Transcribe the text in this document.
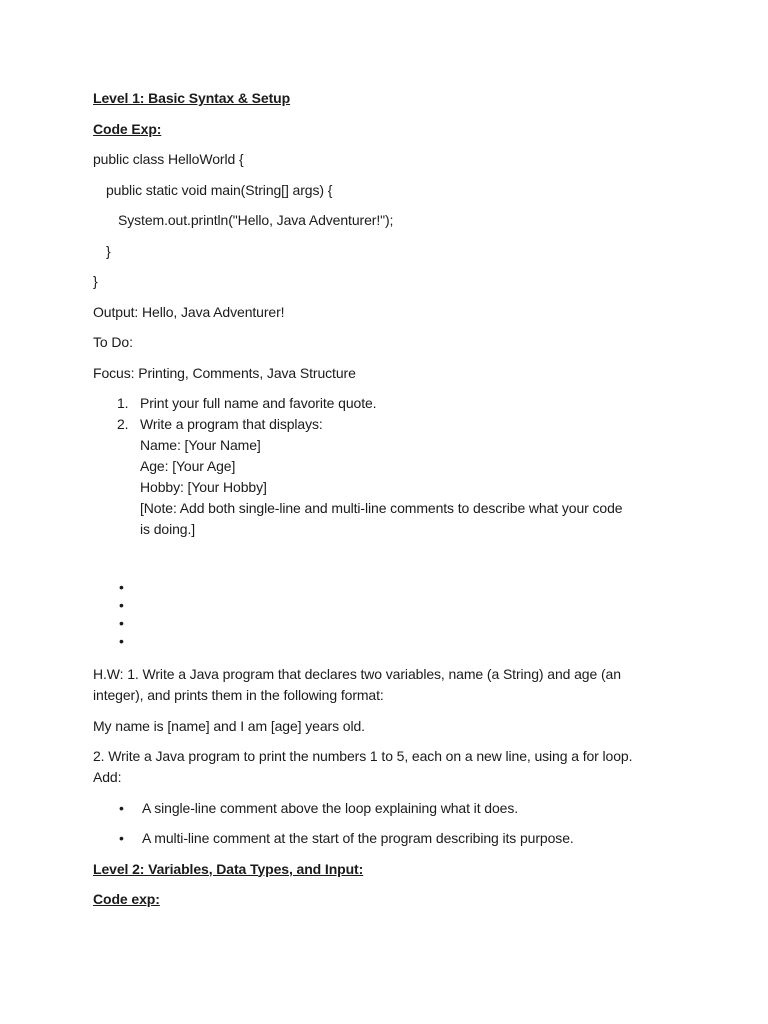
Level 1: Basic Syntax & Setup
Code Exp:
public class HelloWorld {
public static void main(String[] args) {
System.out.println("Hello, Java Adventurer!");
}
}
Output: Hello, Java Adventurer!
To Do:
Focus: Printing, Comments, Java Structure
1. Print your full name and favorite quote.
2. Write a program that displays:
Name: [Your Name]
Age: [Your Age]
Hobby: [Your Hobby]
[Note: Add both single-line and multi-line comments to describe what your code
is doing.]
•
•
•
•
H.W: 1. Write a Java program that declares two variables, name (a String) and age (an
integer), and prints them in the following format:
My name is [name] and I am [age] years old.
2. Write a Java program to print the numbers 1 to 5, each on a new line, using a for loop.
Add:
•	A single-line comment above the loop explaining what it does.
•	A multi-line comment at the start of the program describing its purpose.
Level 2: Variables, Data Types, and Input:
Code exp:
